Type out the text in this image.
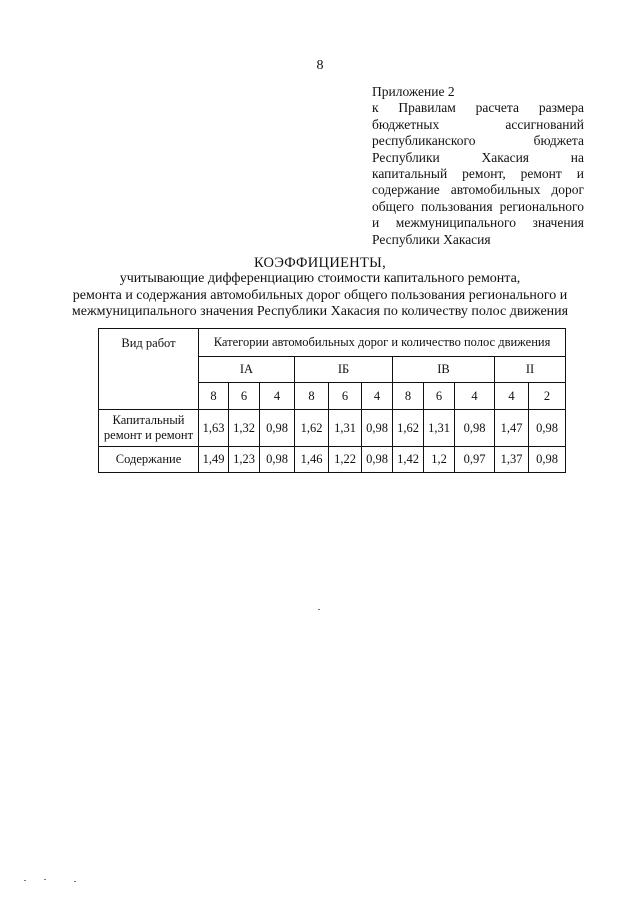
8
Приложение 2
к Правилам расчета размера
бюджетных ассигнований
республиканского бюджета
Республики Хакасия на
капитальный ремонт, ремонт и
содержание автомобильных дорог
общего пользования регионального
и межмуниципального значения
Республики Хакасия
КОЭФФИЦИЕНТЫ,
учитывающие дифференциацию стоимости капитального ремонта,
ремонта и содержания автомобильных дорог общего пользования регионального и
межмуниципального значения Республики Хакасия по количеству полос движения
Вид работ	Категории автомобильных дорог и количество полос движения										
	IA			IБ			IВ			II	
	8	6	4	8	6	4	8	6	4	4	2
Капитальный
ремонт и ремонт	1,63	1,32	0,98	1,62	1,31	0,98	1,62	1,31	0,98	1,47	0,98
Содержание	1,49	1,23	0,98	1,46	1,22	0,98	1,42	1,2	0,97	1,37	0,98
